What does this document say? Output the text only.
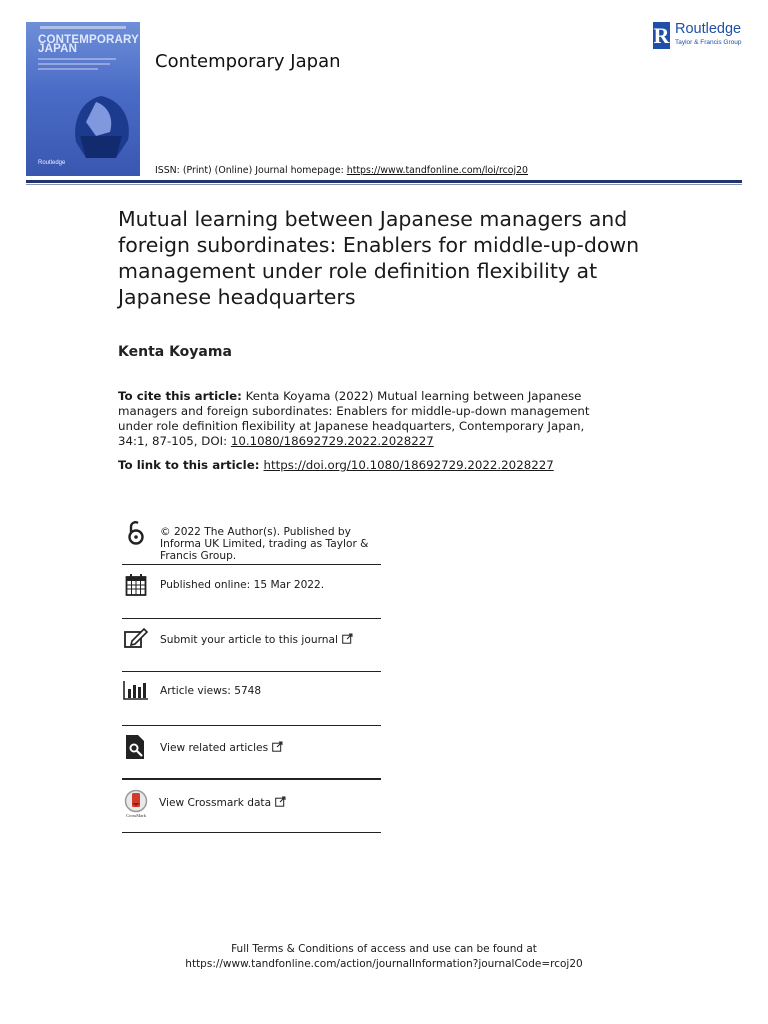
CONTEMPORARY
JAPAN
Routledge
Contemporary Japan
R Routledge
Taylor & Francis Group
ISSN: (Print) (Online) Journal homepage: https://www.tandfonline.com/loi/rcoj20
Mutual learning between Japanese managers and foreign subordinates: Enablers for middle-up-down management under role definition flexibility at Japanese headquarters
Kenta Koyama
To cite this article: Kenta Koyama (2022) Mutual learning between Japanese managers and foreign subordinates: Enablers for middle-up-down management under role definition flexibility at Japanese headquarters, Contemporary Japan, 34:1, 87-105, DOI: 10.1080/18692729.2022.2028227
To link to this article: https://doi.org/10.1080/18692729.2022.2028227
© 2022 The Author(s). Published by Informa UK Limited, trading as Taylor & Francis Group.
Published online: 15 Mar 2022.
Submit your article to this journal
Article views: 5748
View related articles
CrossMark
View Crossmark data
Full Terms & Conditions of access and use can be found at
https://www.tandfonline.com/action/journalInformation?journalCode=rcoj20
